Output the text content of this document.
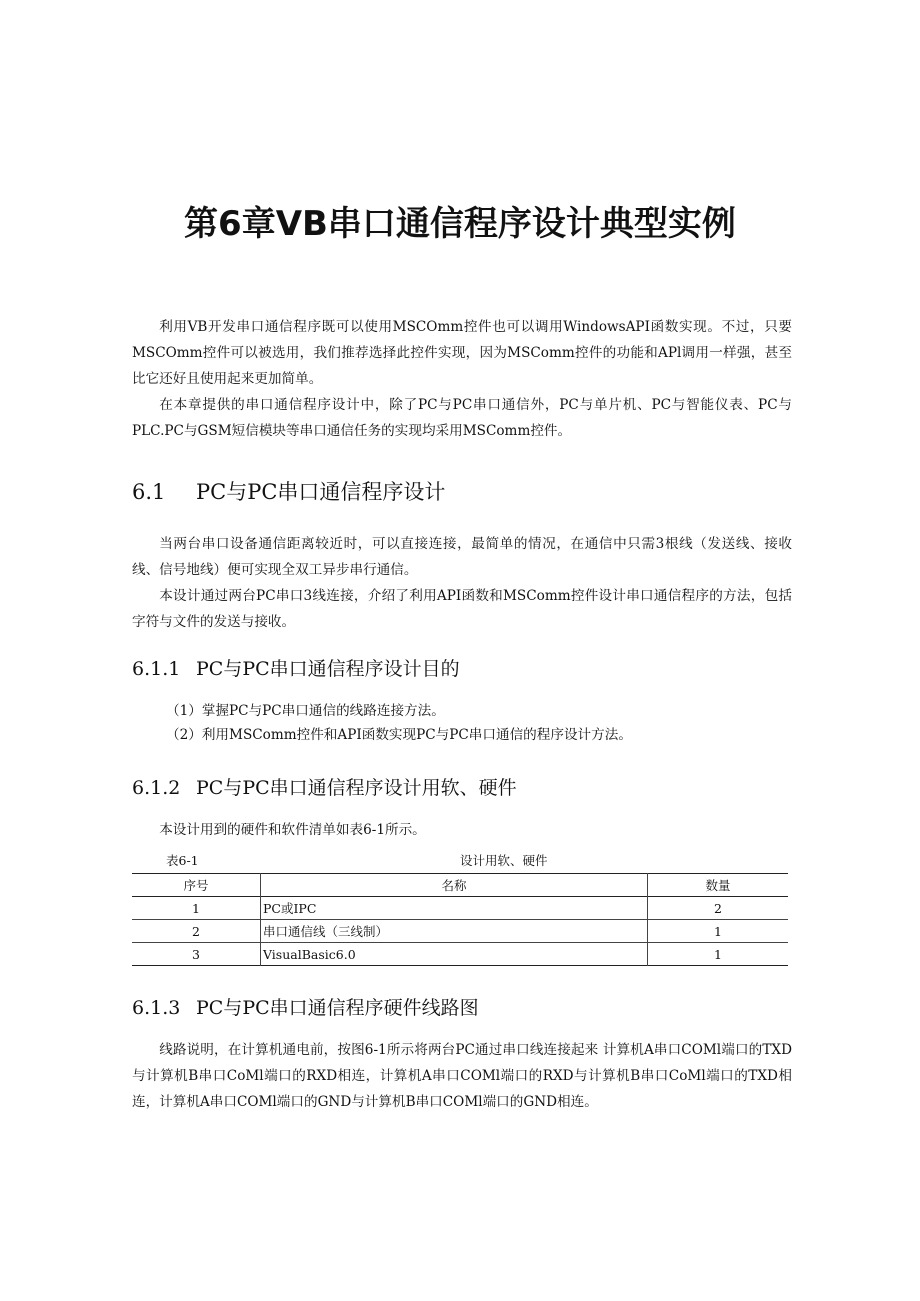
第6章VB串口通信程序设计典型实例

利用VB开发串口通信程序既可以使用MSCOmm控件也可以调用WindowsAPI函数实现。不过，只要MSCOmm控件可以被选用，我们推荐选择此控件实现，因为MSComm控件的功能和APl调用一样强，甚至比它还好且使用起来更加简单。

在本章提供的串口通信程序设计中，除了PC与PC串口通信外，PC与单片机、PC与智能仪表、PC与PLC.PC与GSM短信模块等串口通信任务的实现均采用MSComm控件。

6.1 PC与PC串口通信程序设计

当两台串口设备通信距离较近时，可以直接连接，最简单的情况，在通信中只需3根线（发送线、接收线、信号地线）便可实现全双工异步串行通信。

本设计通过两台PC串口3线连接，介绍了利用API函数和MSComm控件设计串口通信程序的方法，包括字符与文件的发送与接收。

6.1.1 PC与PC串口通信程序设计目的

（1）掌握PC与PC串口通信的线路连接方法。

（2）利用MSComm控件和API函数实现PC与PC串口通信的程序设计方法。

6.1.2 PC与PC串口通信程序设计用软、硬件

本设计用到的硬件和软件清单如表6-1所示。

表6-1	设计用软、硬件
序号	名称	数量
1	PC或IPC	2
2	串口通信线（三线制）	1
3	VisualBasic6.0	1
6.1.3 PC与PC串口通信程序硬件线路图

线路说明，在计算机通电前，按图6-1所示将两台PC通过串口线连接起来 计算机A串口COMl端口的TXD与计算机B串口CoMl端口的RXD相连，计算机A串口COMl端口的RXD与计算机B串口CoMl端口的TXD相连，计算机A串口COMl端口的GND与计算机B串口COMl端口的GND相连。
